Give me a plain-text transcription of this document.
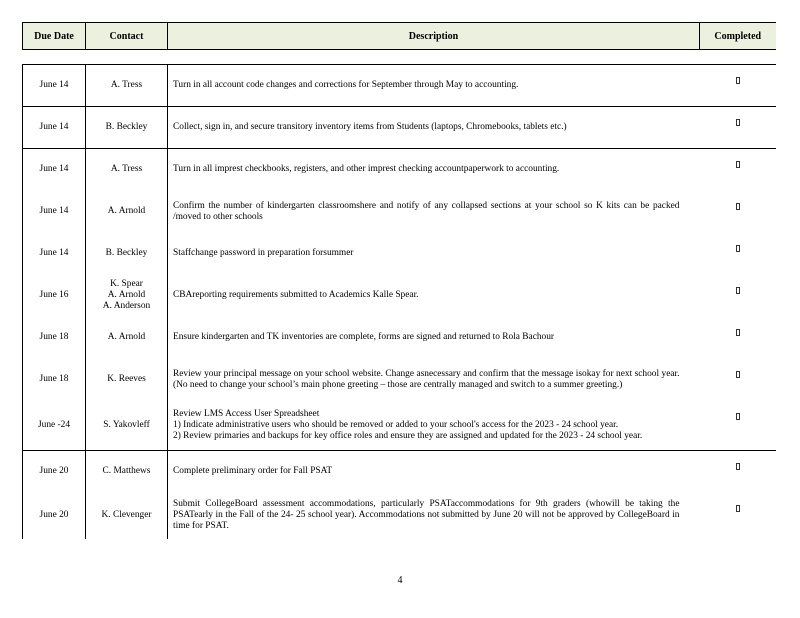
Due Date	Contact	Description	Completed
June 14	A. Tress	Turn in all account code changes and corrections for September through May to accounting.	

June 14	B. Beckley	Collect, sign in, and secure transitory inventory items from Students (laptops, Chromebooks, tablets etc.)	

June 14	A. Tress	Turn in all imprest checkbooks, registers, and other imprest checking accountpaperwork to accounting.	

June 14	A. Arnold	Confirm the number of kindergarten classroomshere and notify of any collapsed sections at your school so K kits can be packed /moved to other schools	

June 14	B. Beckley	Staffchange password in preparation forsummer	

June 16	K. Spear
A. Arnold
A. Anderson	CBAreporting requirements submitted to Academics Kalle Spear.	

June 18	A. Arnold	Ensure kindergarten and TK inventories are complete, forms are signed and returned to Rola Bachour	

June 18	K. Reeves	Review your principal message on your school website. Change asnecessary and confirm that the message isokay for next school year. (No need to change your school’s main phone greeting – those are centrally managed and switch to a summer greeting.)	

June -24	S. Yakovleff	Review LMS Access User Spreadsheet
1) Indicate administrative users who should be removed or added to your school's access for the 2023 - 24 school year.
2) Review primaries and backups for key office roles and ensure they are assigned and updated for the 2023 - 24 school year.	

June 20	C. Matthews	Complete preliminary order for Fall PSAT	

June 20	K. Clevenger	Submit CollegeBoard assessment accommodations, particularly PSATaccommodations for 9th graders (whowill be taking the PSATearly in the Fall of the 24- 25 school year). Accommodations not submitted by June 20 will not be approved by CollegeBoard in time for PSAT.	

4
